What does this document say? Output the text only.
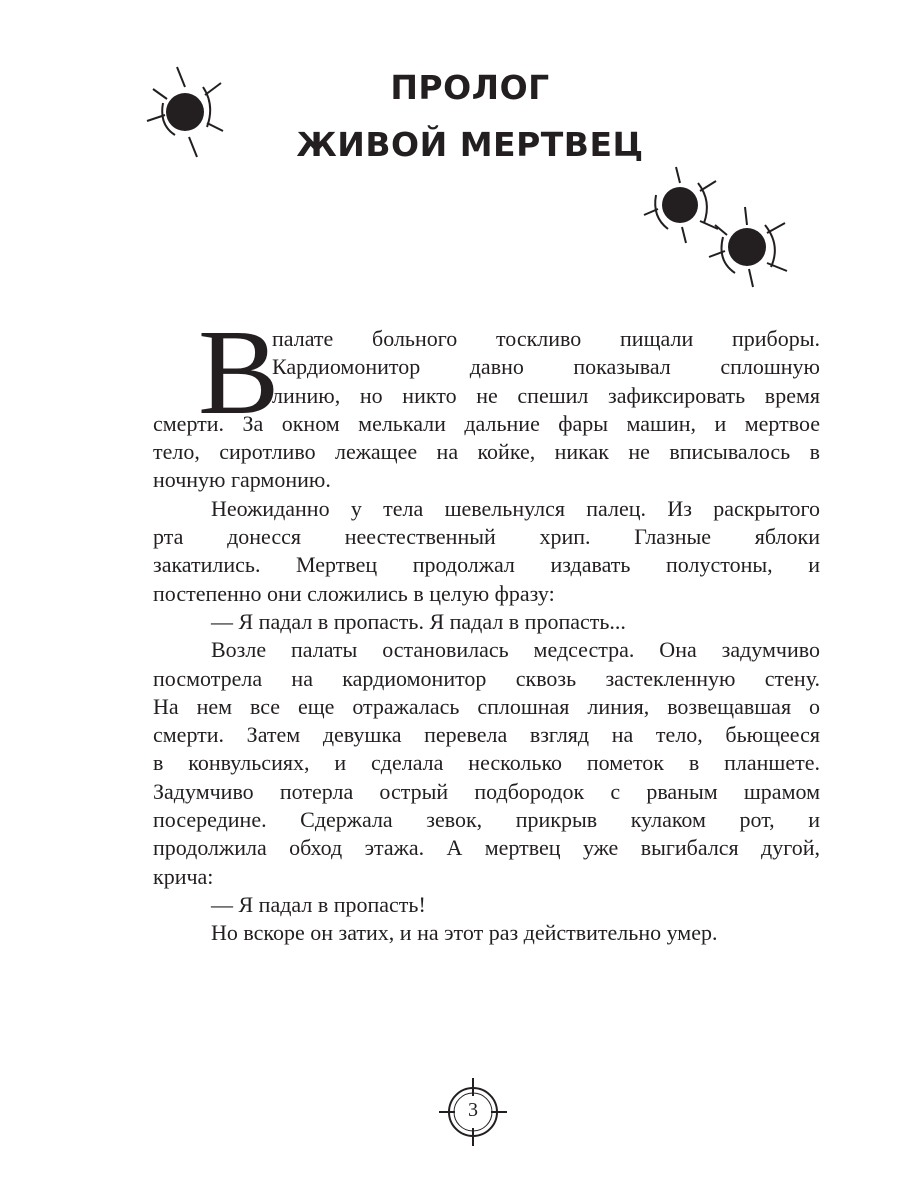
ПРОЛОГ
ЖИВОЙ МЕРТВЕЦ
В
палате больного тоскливо пищали приборы.
Кардиомонитор давно показывал сплошную
линию, но никто не спешил зафиксировать время
смерти. За окном мелькали дальние фары машин, и мертвое
тело, сиротливо лежащее на койке, никак не вписывалось в
ночную гармонию.
Неожиданно у тела шевельнулся палец. Из раскрытого
рта донесся неестественный хрип. Глазные яблоки
закатились. Мертвец продолжал издавать полустоны, и
постепенно они сложились в целую фразу:
— Я падал в пропасть. Я падал в пропасть...
Возле палаты остановилась медсестра. Она задумчиво
посмотрела на кардиомонитор сквозь застекленную стену.
На нем все еще отражалась сплошная линия, возвещавшая о
смерти. Затем девушка перевела взгляд на тело, бьющееся
в конвульсиях, и сделала несколько пометок в планшете.
Задумчиво потерла острый подбородок с рваным шрамом
посередине. Сдержала зевок, прикрыв кулаком рот, и
продолжила обход этажа. А мертвец уже выгибался дугой,
крича:
— Я падал в пропасть!
Но вскоре он затих, и на этот раз действительно умер.
3
